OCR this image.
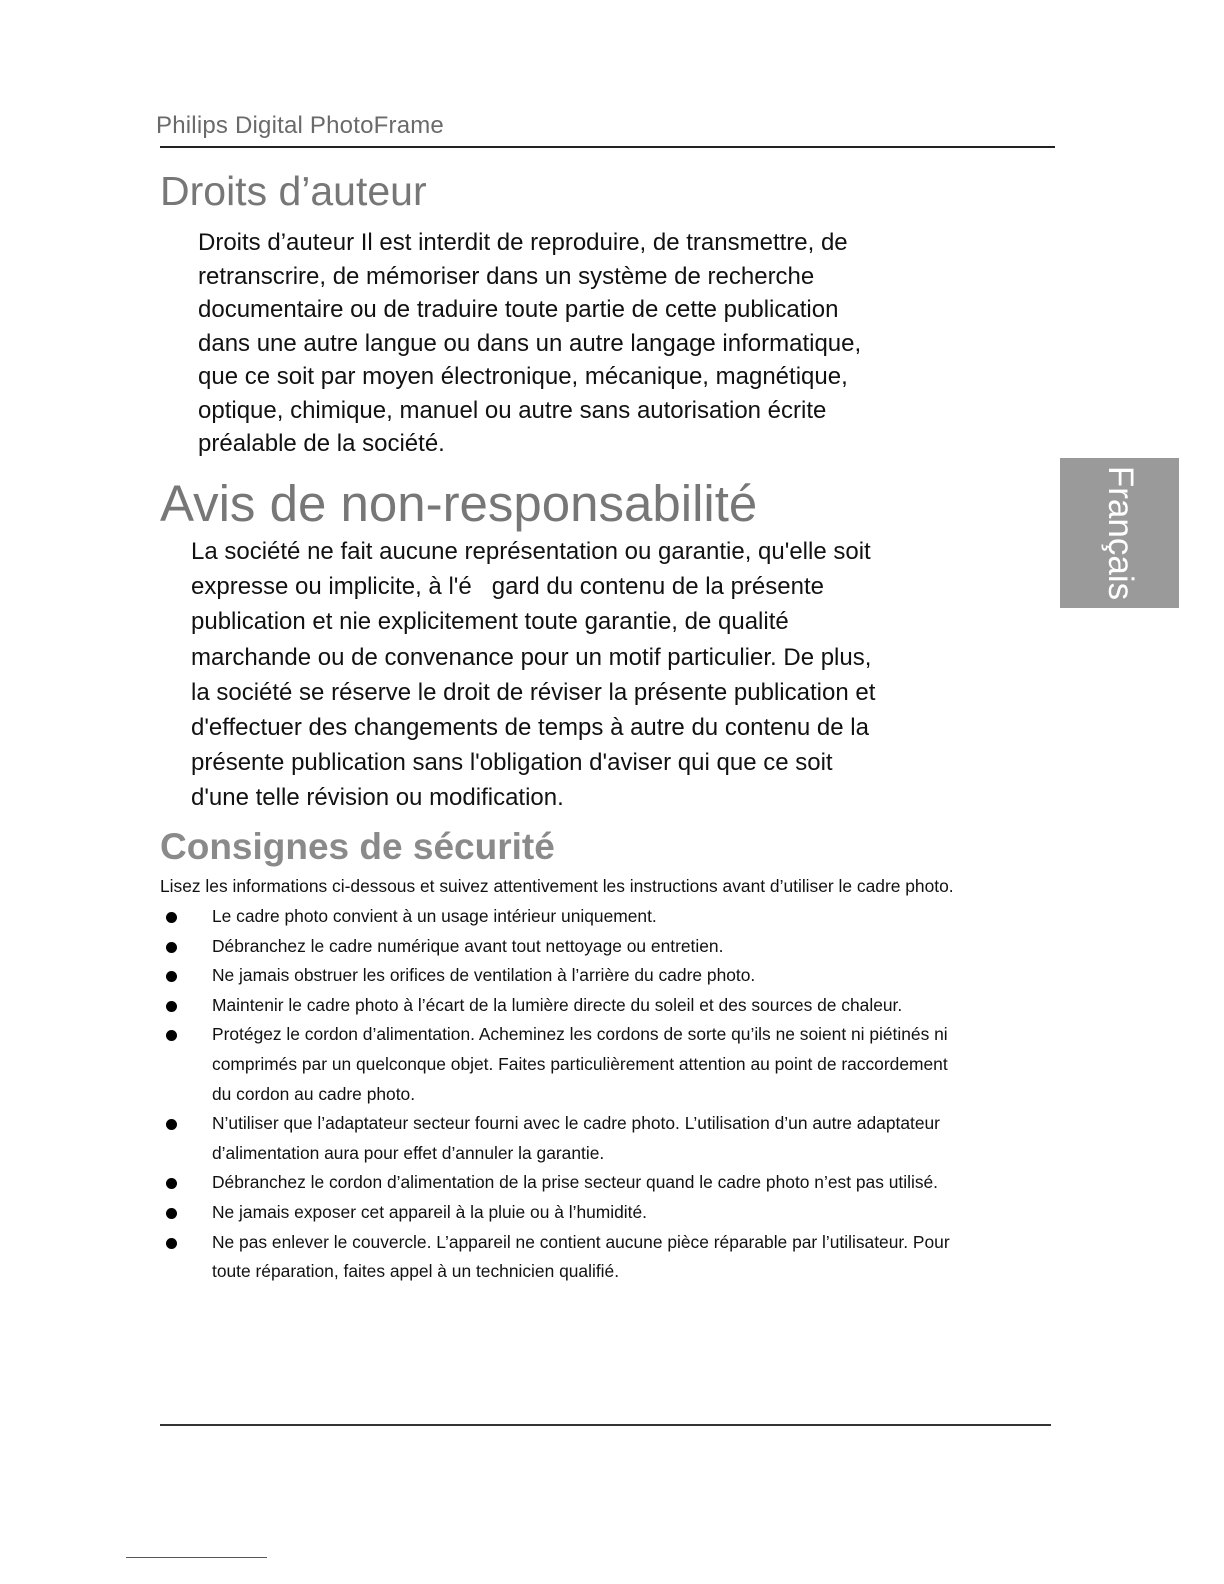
Philips Digital PhotoFrame
Droits d’auteur

Droits d’auteur Il est interdit de reproduire, de transmettre, de
retranscrire, de mémoriser dans un système de recherche
documentaire ou de traduire toute partie de cette publication
dans une autre langue ou dans un autre langage informatique,
que ce soit par moyen électronique, mécanique, magnétique,
optique, chimique, manuel ou autre sans autorisation écrite
préalable de la société.

Avis de non-responsabilité

La société ne fait aucune représentation ou garantie, qu'elle soit
expresse ou implicite, à l'é   gard du contenu de la présente
publication et nie explicitement toute garantie, de qualité
marchande ou de convenance pour un motif particulier. De plus,
la société se réserve le droit de réviser la présente publication et
d'effectuer des changements de temps à autre du contenu de la
présente publication sans l'obligation d'aviser qui que ce soit
d'une telle révision ou modification.

Consignes de sécurité

Lisez les informations ci-dessous et suivez attentivement les instructions avant d’utiliser le cadre photo.

Le cadre photo convient à un usage intérieur uniquement.
Débranchez le cadre numérique avant tout nettoyage ou entretien.
Ne jamais obstruer les orifices de ventilation à l’arrière du cadre photo.
Maintenir le cadre photo à l’écart de la lumière directe du soleil et des sources de chaleur.
Protégez le cordon d’alimentation. Acheminez les cordons de sorte qu’ils ne soient ni piétinés ni
comprimés par un quelconque objet. Faites particulièrement attention au point de raccordement
du cordon au cadre photo.
N’utiliser que l’adaptateur secteur fourni avec le cadre photo. L’utilisation d’un autre adaptateur
d’alimentation aura pour effet d’annuler la garantie.
Débranchez le cordon d’alimentation de la prise secteur quand le cadre photo n’est pas utilisé.
Ne jamais exposer cet appareil à la pluie ou à l’humidité.
Ne pas enlever le couvercle. L’appareil ne contient aucune pièce réparable par l’utilisateur. Pour
toute réparation, faites appel à un technicien qualifié.
Français
